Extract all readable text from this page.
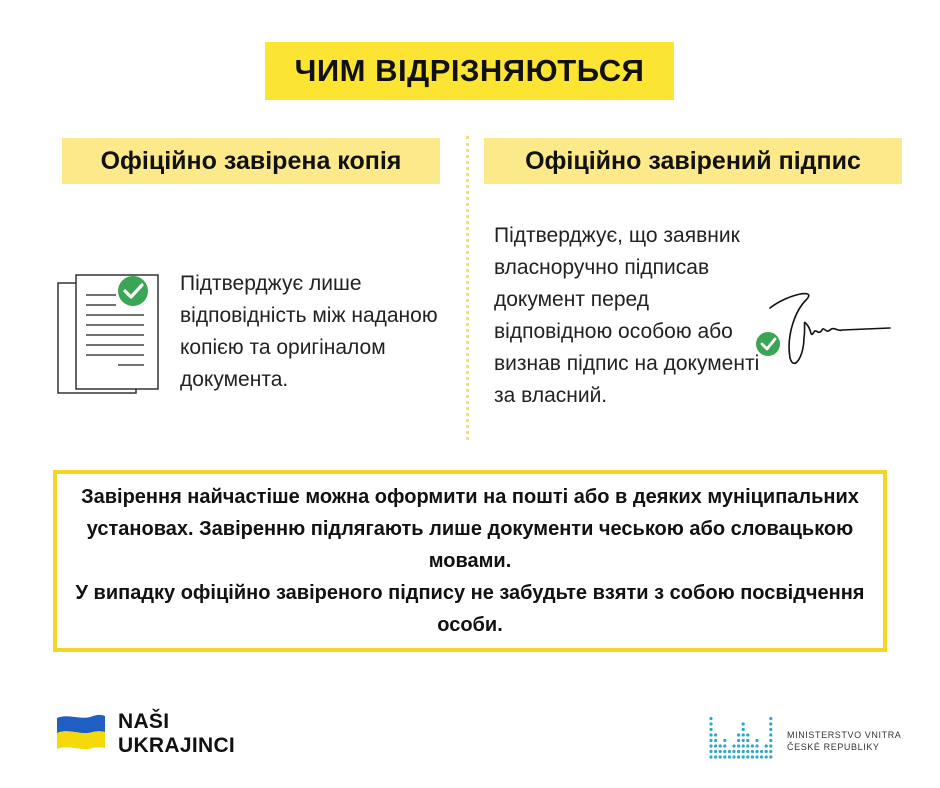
ЧИМ ВІДРІЗНЯЮТЬСЯ
Офіційно завірена копія	Офіційно завірений підпис
Підтверджує лише відповідність між наданою копією та оригіналом документа.
Підтверджує, що заявник власноручно підписав документ перед відповідною особою або визнав підпис на документі за власний.
Завірення найчастіше можна оформити на пошті або в деяких муніципальних установах. Завіренню підлягають лише документи чеською або словацькою мовами.
У випадку офіційно завіреного підпису не забудьте взяти з собою посвідчення особи.
NAŠI
UKRAJINCI	MINISTERSTVO VNITRA
ČESKÉ REPUBLIKY
